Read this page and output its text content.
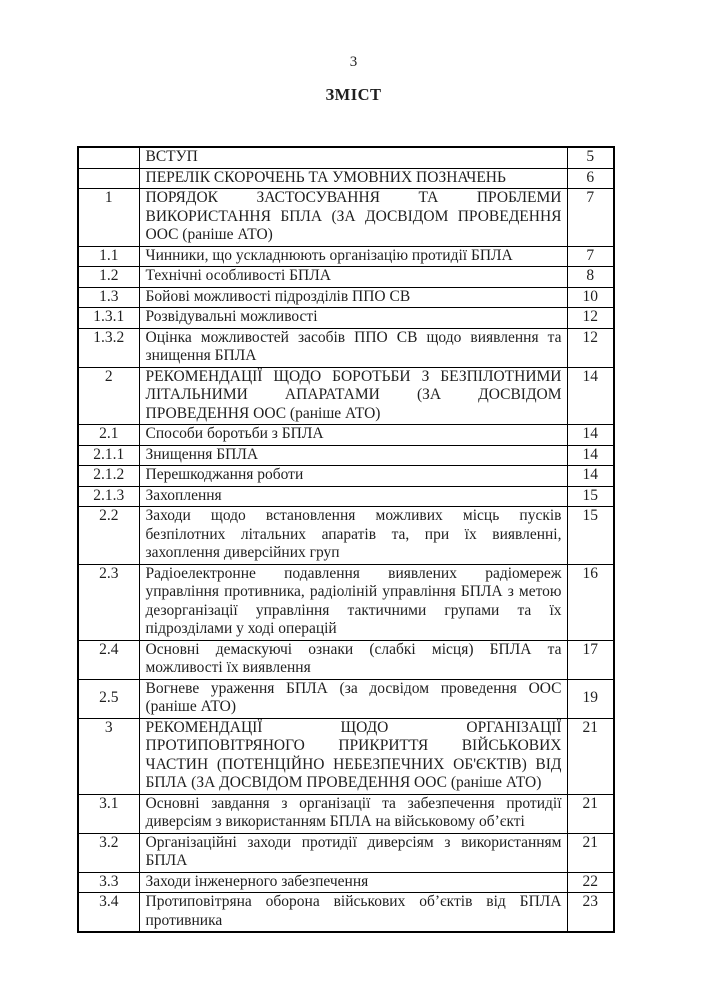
3
ЗМІСТ
	ВСТУП	5
	ПЕРЕЛІК СКОРОЧЕНЬ ТА УМОВНИХ ПОЗНАЧЕНЬ	6
1	ПОРЯДОК ЗАСТОСУВАННЯ ТА ПРОБЛЕМИ ВИКОРИСТАННЯ БПЛА (ЗА ДОСВІДОМ ПРОВЕДЕННЯ ООС (раніше АТО)	7
1.1	Чинники, що ускладнюють організацію протидії БПЛА	7
1.2	Технічні особливості БПЛА	8
1.3	Бойові можливості підрозділів ППО СВ	10
1.3.1	Розвідувальні можливості	12
1.3.2	Оцінка можливостей засобів ППО СВ щодо виявлення та знищення БПЛА	12
2	РЕКОМЕНДАЦІЇ ЩОДО БОРОТЬБИ З БЕЗПІЛОТНИМИ ЛІТАЛЬНИМИ АПАРАТАМИ (ЗА ДОСВІДОМ ПРОВЕДЕННЯ ООС (раніше АТО)	14
2.1	Способи боротьби з БПЛА	14
2.1.1	Знищення БПЛА	14
2.1.2	Перешкоджання роботи	14
2.1.3	Захоплення	15
2.2	Заходи щодо встановлення можливих місць пусків безпілотних літальних апаратів та, при їх виявленні, захоплення диверсійних груп	15
2.3	Радіоелектронне подавлення виявлених радіомереж управління противника, радіоліній управління БПЛА з метою дезорганізації управління тактичними групами та їх підрозділами у ході операцій	16
2.4	Основні демаскуючі ознаки (слабкі місця) БПЛА та можливості їх виявлення	17
2.5	Вогневе ураження БПЛА (за досвідом проведення ООС (раніше АТО)	19
3	РЕКОМЕНДАЦІЇ ЩОДО ОРГАНІЗАЦІЇ ПРОТИПОВІТРЯНОГО ПРИКРИТТЯ ВІЙСЬКОВИХ ЧАСТИН (ПОТЕНЦІЙНО НЕБЕЗПЕЧНИХ ОБ'ЄКТІВ) ВІД БПЛА (ЗА ДОСВІДОМ ПРОВЕДЕННЯ ООС (раніше АТО)	21
3.1	Основні завдання з організації та забезпечення протидії диверсіям з використанням БПЛА на військовому об’єкті	21
3.2	Організаційні заходи протидії диверсіям з використанням БПЛА	21
3.3	Заходи інженерного забезпечення	22
3.4	Протиповітряна оборона військових об’єктів від БПЛА противника	23
